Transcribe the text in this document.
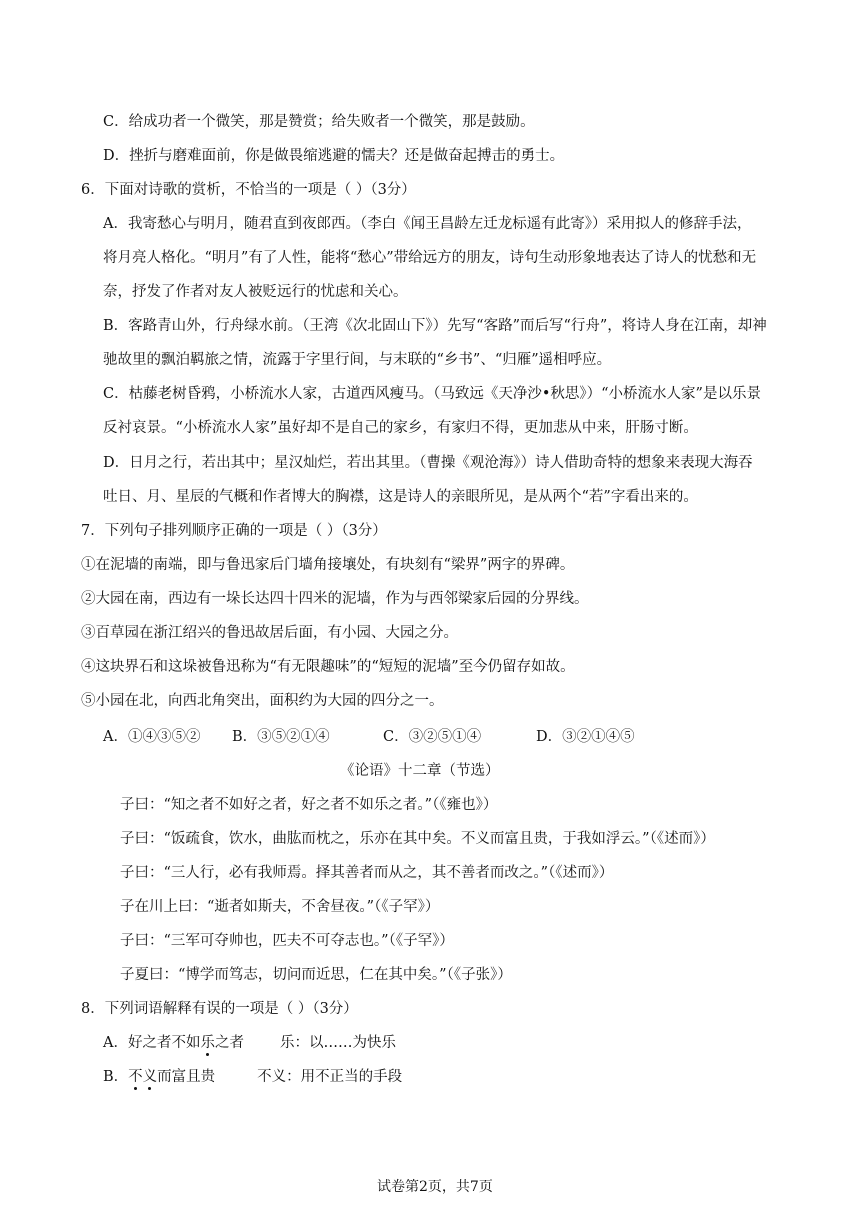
C．给成功者一个微笑，那是赞赏；给失败者一个微笑，那是鼓励。
D．挫折与磨难面前，你是做畏缩逃避的懦夫？还是做奋起搏击的勇士。
6．下面对诗歌的赏析，不恰当的一项是（ ）（3分）
A．我寄愁心与明月，随君直到夜郎西。（李白《闻王昌龄左迁龙标遥有此寄》）采用拟人的修辞手法，
将月亮人格化。“明月”有了人性，能将“愁心”带给远方的朋友，诗句生动形象地表达了诗人的忧愁和无
奈，抒发了作者对友人被贬远行的忧虑和关心。
B．客路青山外，行舟绿水前。（王湾《次北固山下》）先写“客路”而后写“行舟”，将诗人身在江南，却神
驰故里的飘泊羁旅之情，流露于字里行间，与末联的“乡书”、“归雁”遥相呼应。
C．枯藤老树昏鸦，小桥流水人家，古道西风瘦马。（马致远《天净沙•秋思》）“小桥流水人家”是以乐景
反衬哀景。“小桥流水人家”虽好却不是自己的家乡，有家归不得，更加悲从中来，肝肠寸断。
D．日月之行，若出其中；星汉灿烂，若出其里。（曹操《观沧海》）诗人借助奇特的想象来表现大海吞
吐日、月、星辰的气概和作者博大的胸襟，这是诗人的亲眼所见，是从两个“若”字看出来的。
7．下列句子排列顺序正确的一项是（ ）（3分）
①在泥墙的南端，即与鲁迅家后门墙角接壤处，有块刻有“梁界”两字的界碑。
②大园在南，西边有一垛长达四十四米的泥墙，作为与西邻梁家后园的分界线。
③百草园在浙江绍兴的鲁迅故居后面，有小园、大园之分。
④这块界石和这垛被鲁迅称为“有无限趣味”的“短短的泥墙”至今仍留存如故。
⑤小园在北，向西北角突出，面积约为大园的四分之一。
A．①④③⑤② B．③⑤②①④	C．③②⑤①④	D．③②①④⑤
《论语》十二章（节选）
子曰：“知之者不如好之者，好之者不如乐之者。”（《雍也》）
子曰：“饭疏食，饮水，曲肱而枕之，乐亦在其中矣。不义而富且贵，于我如浮云。”（《述而》）
子曰：“三人行，必有我师焉。择其善者而从之，其不善者而改之。”（《述而》）
子在川上曰：“逝者如斯夫，不舍昼夜。”（《子罕》）
子曰：“三军可夺帅也，匹夫不可夺志也。”（《子罕》）
子夏曰：“博学而笃志，切问而近思，仁在其中矣。”（《子张》）
8．下列词语解释有误的一项是（ ）（3分）
A．好之者不如乐之者 乐：以……为快乐
B．不义而富且贵	不义：用不正当的手段
试卷第2页，共7页
